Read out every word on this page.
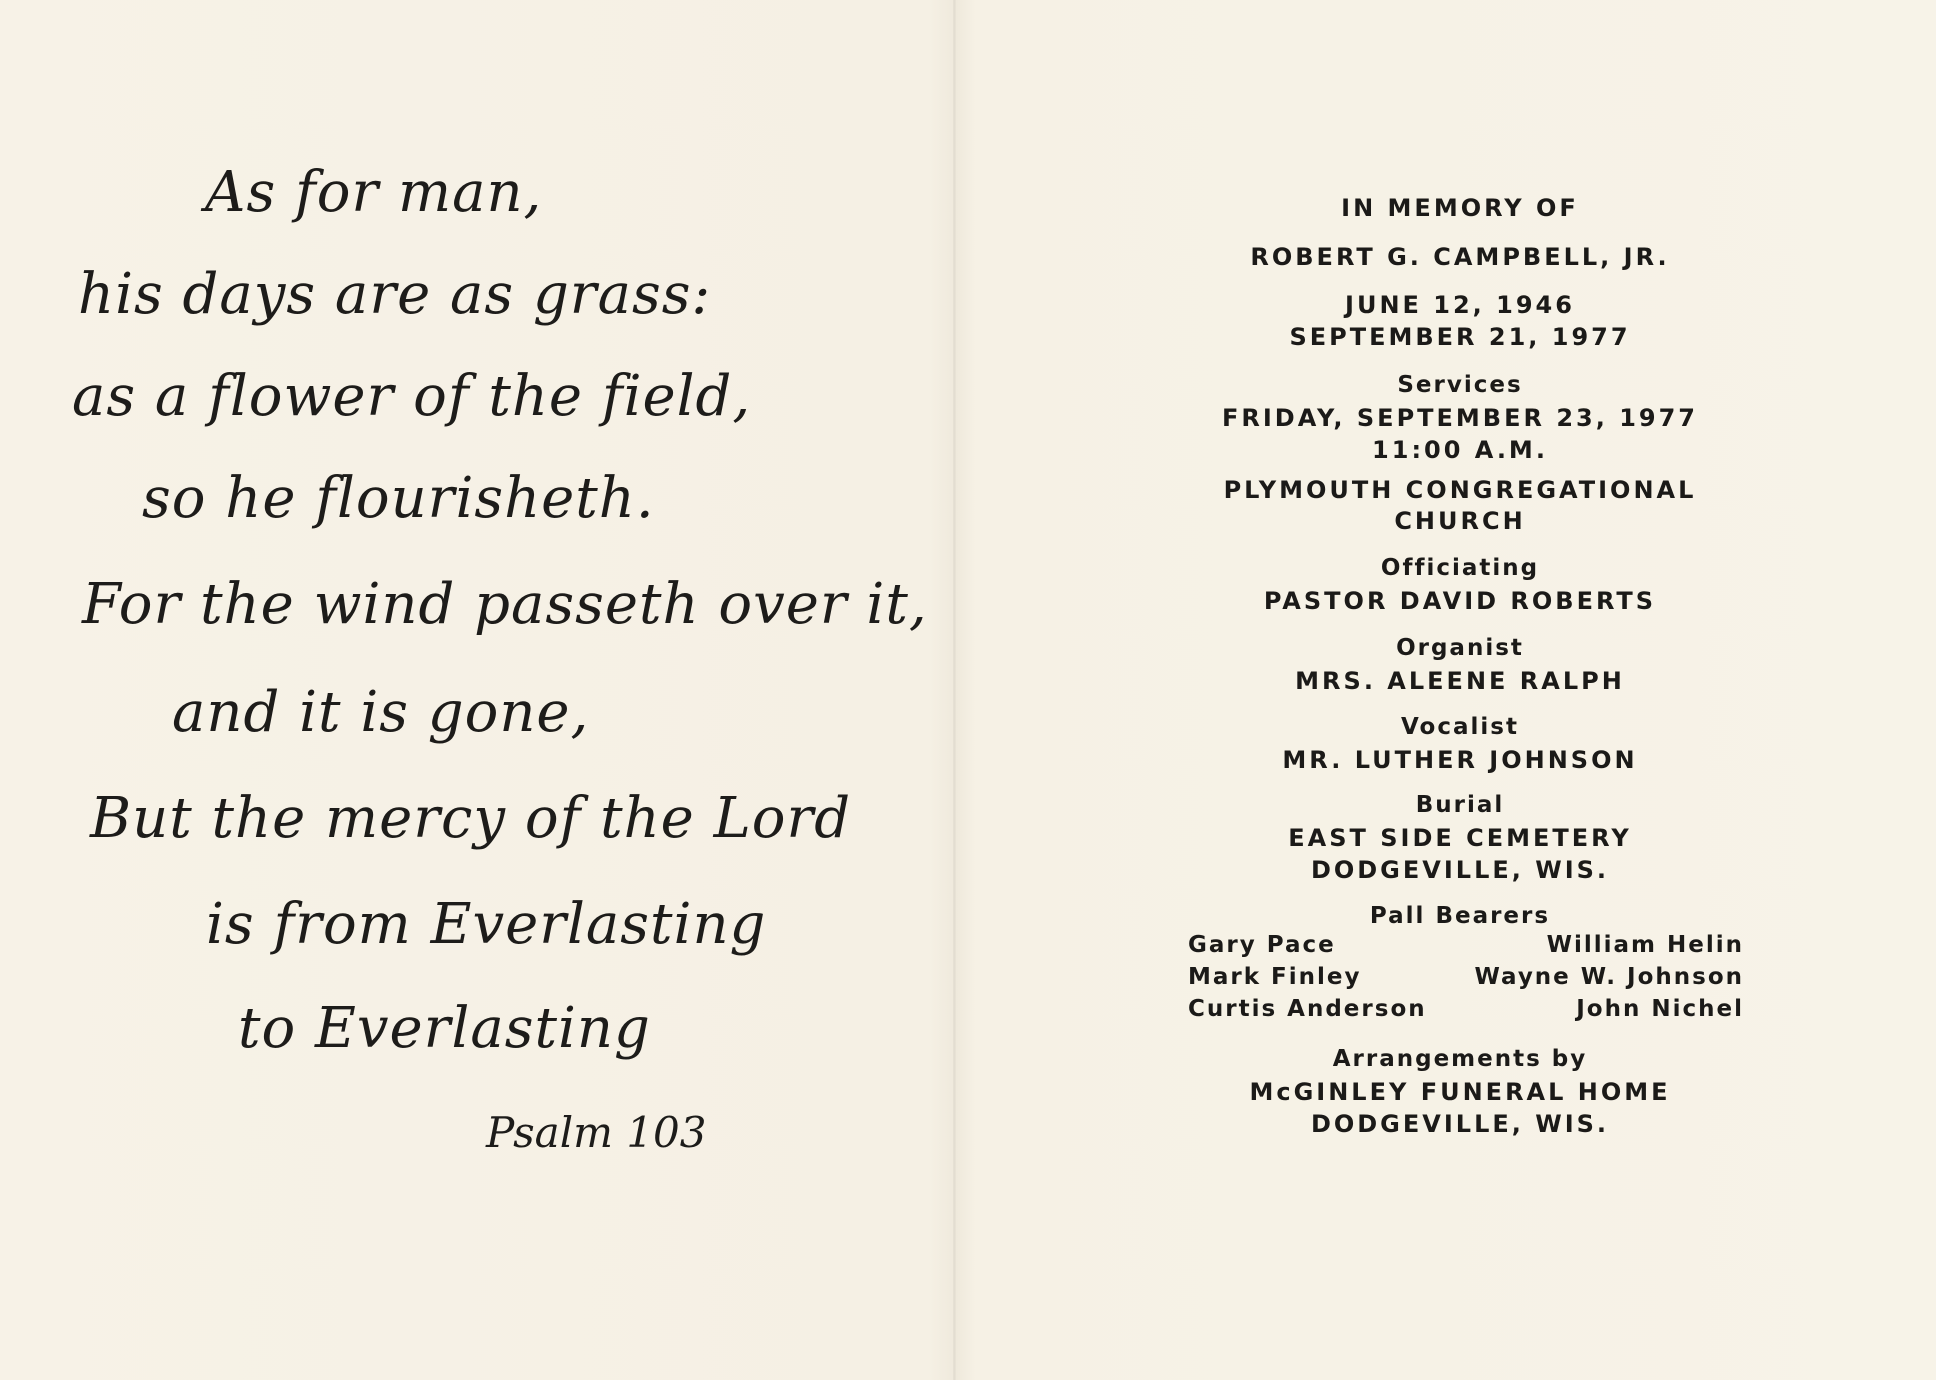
As for man,
his days are as grass:
as a flower of the field,
so he flourisheth.
For the wind passeth over it,
and it is gone,
But the mercy of the Lord
is from Everlasting
to Everlasting
Psalm 103
IN MEMORY OF
ROBERT G. CAMPBELL, JR.
JUNE 12, 1946
SEPTEMBER 21, 1977
Services
FRIDAY, SEPTEMBER 23, 1977
11:00 A.M.
PLYMOUTH CONGREGATIONAL
CHURCH
Officiating
PASTOR DAVID ROBERTS
Organist
MRS. ALEENE RALPH
Vocalist
MR. LUTHER JOHNSON
Burial
EAST SIDE CEMETERY
DODGEVILLE, WIS.
Pall Bearers
Arrangements by
McGINLEY FUNERAL HOME
DODGEVILLE, WIS.
Gary Pace	William Helin
Mark Finley	Wayne W. Johnson
Curtis Anderson	John Nichel
